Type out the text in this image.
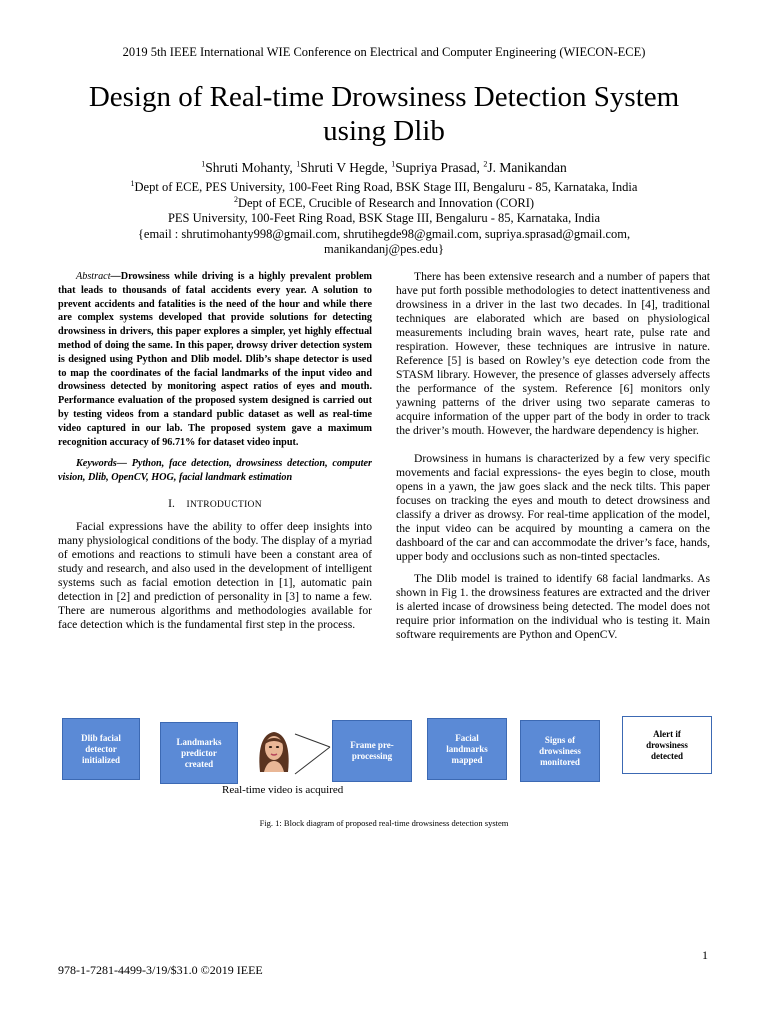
2019 5th IEEE International WIE Conference on Electrical and Computer Engineering (WIECON-ECE)
Design of Real-time Drowsiness Detection System
using Dlib
$^1$Shruti Mohanty, $^1$Shruti V Hegde, $^1$Supriya Prasad, $^2$J. Manikandan
$^1$Dept of ECE, PES University, 100-Feet Ring Road, BSK Stage III, Bengaluru - 85, Karnataka, India
$^2$Dept of ECE, Crucible of Research and Innovation (CORI)
PES University, 100-Feet Ring Road, BSK Stage III, Bengaluru - 85, Karnataka, India
{email : shrutimohanty998@gmail.com, shrutihegde98@gmail.com, supriya.sprasad@gmail.com,
manikandanj@pes.edu}

Abstract—Drowsiness while driving is a highly prevalent problem that leads to thousands of fatal accidents every year. A solution to prevent accidents and fatalities is the need of the hour and while there are complex systems developed that provide solutions for detecting drowsiness in drivers, this paper explores a simpler, yet highly effectual method of doing the same. In this paper, drowsy driver detection system is designed using Python and Dlib model. Dlib’s shape detector is used to map the coordinates of the facial landmarks of the input video and drowsiness detected by monitoring aspect ratios of eyes and mouth. Performance evaluation of the proposed system designed is carried out by testing videos from a standard public dataset as well as real-time video captured in our lab. The proposed system gave a maximum recognition accuracy of 96.71% for dataset video input.

Keywords— Python, face detection, drowsiness detection, computer vision, Dlib, OpenCV, HOG, facial landmark estimation

I. INTRODUCTION

Facial expressions have the ability to offer deep insights into many physiological conditions of the body. The display of a myriad of emotions and reactions to stimuli have been a constant area of study and research, and also used in the development of intelligent systems such as facial emotion detection in [1], automatic pain detection in [2] and prediction of personality in [3] to name a few. There are numerous algorithms and methodologies available for face detection which is the fundamental first step in the process.

There has been extensive research and a number of papers that have put forth possible methodologies to detect inattentiveness and drowsiness in a driver in the last two decades. In [4], traditional techniques are elaborated which are based on physiological measurements including brain waves, heart rate, pulse rate and respiration. However, these techniques are intrusive in nature. Reference [5] is based on Rowley’s eye detection code from the STASM library. However, the presence of glasses adversely affects the performance of the system. Reference [6] monitors only yawning patterns of the driver using two separate cameras to acquire information of the upper part of the body in order to track the driver’s mouth. However, the hardware dependency is higher.

Drowsiness in humans is characterized by a few very specific movements and facial expressions- the eyes begin to close, mouth opens in a yawn, the jaw goes slack and the neck tilts. This paper focuses on tracking the eyes and mouth to detect drowsiness and classify a driver as drowsy. For real-time application of the model, the input video can be acquired by mounting a camera on the dashboard of the car and can accommodate the driver’s face, hands, upper body and occlusions such as non-tinted spectacles.

The Dlib model is trained to identify 68 facial landmarks. As shown in Fig 1. the drowsiness features are extracted and the driver is alerted incase of drowsiness being detected. The model does not require prior information on the individual who is testing it. Main software requirements are Python and OpenCV.

Dlib facial
detector
initialized
Landmarks
predictor
created
Frame pre-
processing
Facial
landmarks
mapped
Signs of
drowsiness
monitored
Alert if
drowsiness
detected
Real-time video is acquired
Fig. 1: Block diagram of proposed real-time drowsiness detection system
1
978-1-7281-4499-3/19/$31.0 ©2019 IEEE
